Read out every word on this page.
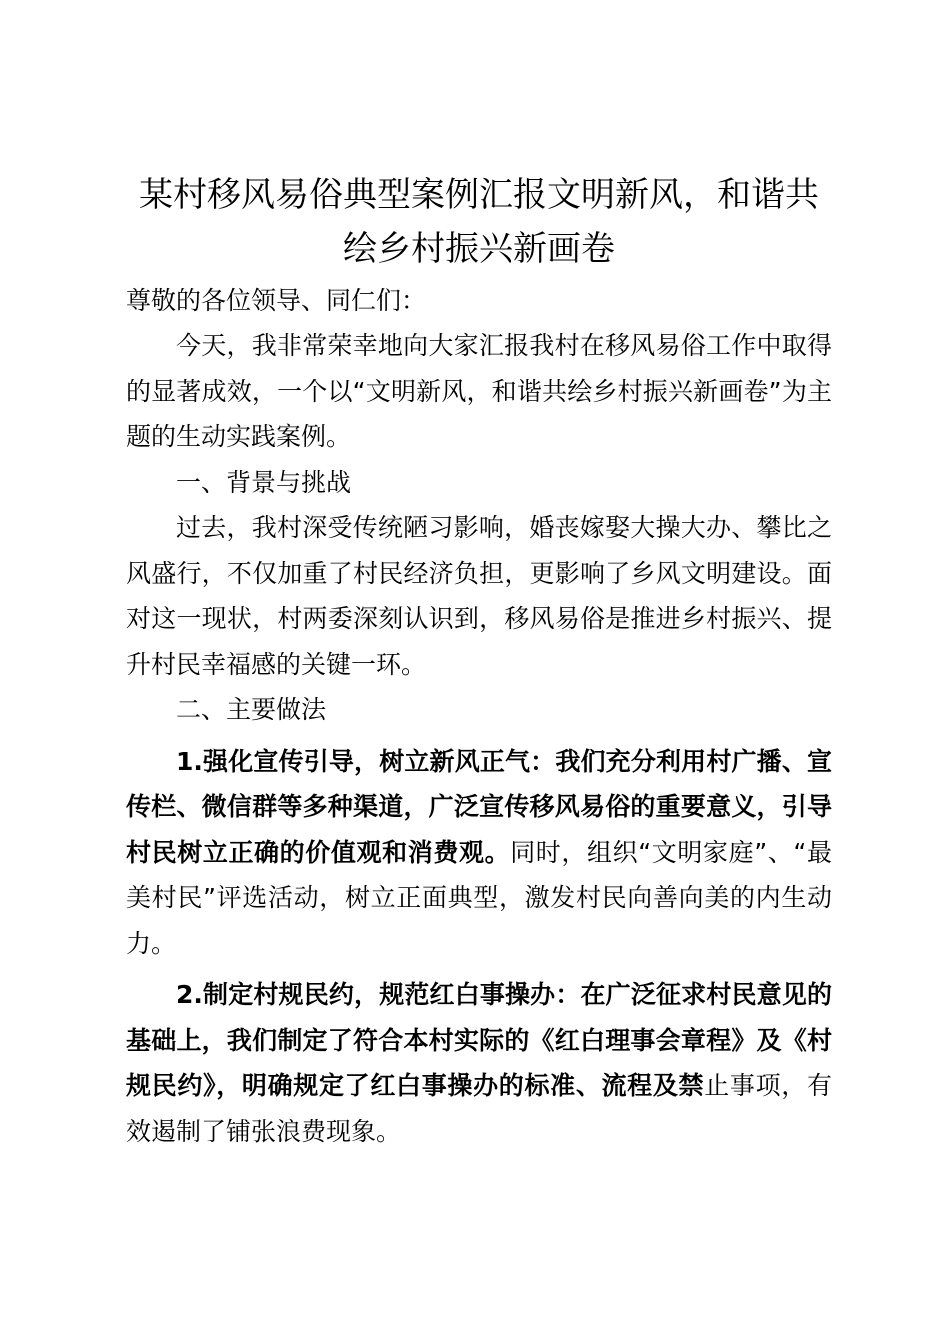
某村移风易俗典型案例汇报文明新风，和谐共绘乡村振兴新画卷

尊敬的各位领导、同仁们：

今天，我非常荣幸地向大家汇报我村在移风易俗工作中取得的显著成效，一个以“文明新风，和谐共绘乡村振兴新画卷”为主题的生动实践案例。

一、背景与挑战

过去，我村深受传统陋习影响，婚丧嫁娶大操大办、攀比之风盛行，不仅加重了村民经济负担，更影响了乡风文明建设。面对这一现状，村两委深刻认识到，移风易俗是推进乡村振兴、提升村民幸福感的关键一环。

二、主要做法

1.强化宣传引导，树立新风正气：我们充分利用村广播、宣传栏、微信群等多种渠道，广泛宣传移风易俗的重要意义，引导村民树立正确的价值观和消费观。同时，组织“文明家庭”、“最美村民”评选活动，树立正面典型，激发村民向善向美的内生动力。

2.制定村规民约，规范红白事操办：在广泛征求村民意见的基础上，我们制定了符合本村实际的《红白理事会章程》及《村规民约》，明确规定了红白事操办的标准、流程及禁止事项，有效遏制了铺张浪费现象。
